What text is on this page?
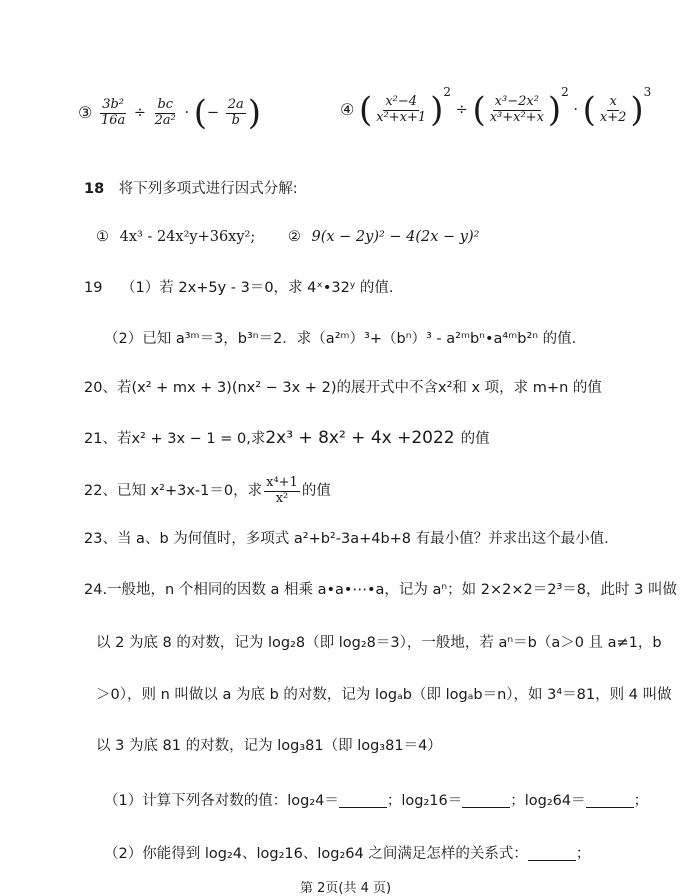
③ $\frac{\text{3b²}}{16a} \div \frac{bc}{\text{2a²}}$ · (− $\frac{2a}{b}$ )	④ ( $\frac{\text{x²−4}}{\text{x²+x+1}} )^2$ ÷ ( $\frac{\text{x³−2x²}}{\text{x³+x²+x}} )^2$ · ( $\frac{x}{x+2} )^3$
18 将下列多项式进行因式分解:
① 4x³ - 24x²y+36xy²; ② 9(x − 2y)² − 4(2x − y)²
19 （1）若 2x+5y - 3＝0，求 4ˣ•32ʸ 的值.
（2）已知 a³ᵐ＝3，b³ⁿ＝2．求（a²ᵐ）³+（bⁿ）³ - a²ᵐbⁿ•a⁴ᵐb²ⁿ 的值.
20、若(x² + mx + 3)(nx² − 3x + 2)的展开式中不含x²和 x 项，求 m+n 的值
21、若x² + 3x − 1 = 0,求2x³ + 8x² + 4x +2022 的值
22、已知 x²+3x-1＝0，求 $\frac{\text{x⁴+1}}{\text{x²}}$ 的值
23、当 a、b 为何值时，多项式 a²+b²-3a+4b+8 有最小值？并求出这个最小值.
24.一般地，n 个相同的因数 a 相乘 a•a•⋯•a，记为 aⁿ；如 2×2×2＝2³＝8，此时 3 叫做
以 2 为底 8 的对数，记为 log₂8（即 log₂8＝3），一般地，若 aⁿ＝b（a＞0 且 a≠1，b
＞0），则 n 叫做以 a 为底 b 的对数，记为 logₐb（即 logₐb＝n），如 3⁴＝81，则 4 叫做
以 3 为底 81 的对数，记为 log₃81（即 log₃81＝4）
（1）计算下列各对数的值：log₂4＝	；log₂16＝	；log₂64＝	；
（2）你能得到 log₂4、log₂16、log₂64 之间满足怎样的关系式：	；
第 2页(共 4 页)
